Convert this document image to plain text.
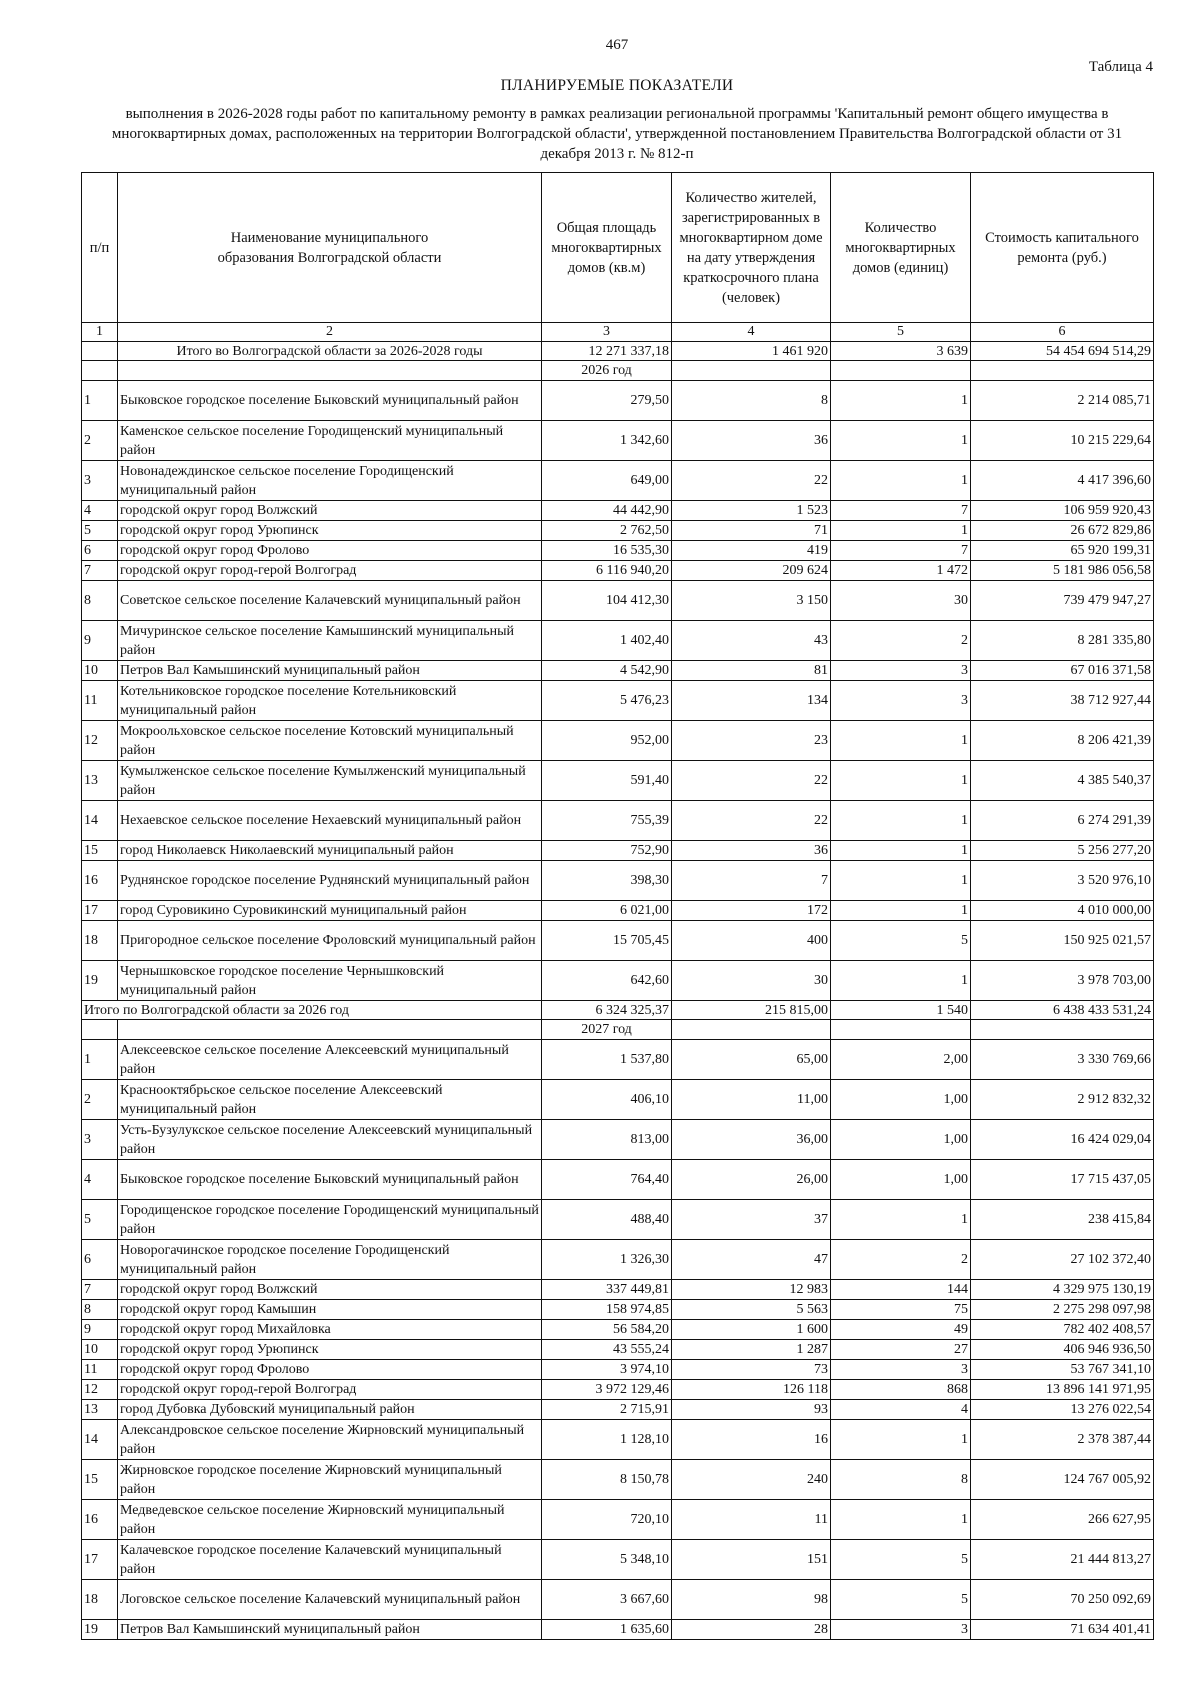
467
Таблица 4
ПЛАНИРУЕМЫЕ ПОКАЗАТЕЛИ
выполнения в 2026-2028 годы работ по капитальному ремонту в рамках реализации региональной программы 'Капитальный ремонт общего имущества в многоквартирных домах, расположенных на территории Волгоградской области', утвержденной постановлением Правительства Волгоградской области от 31 декабря 2013 г. № 812-п
п/п	Наименование муниципального образования Волгоградской области	Общая площадь многоквартирных домов (кв.м)	Количество жителей, зарегистрированных в многоквартирном доме на дату утверждения краткосрочного плана (человек)	Количество многоквартирных домов (единиц)	Стоимость капитального ремонта (руб.)
1	2	3	4	5	6
	Итого во Волгоградской области за 2026-2028 годы	12 271 337,18	1 461 920	3 639	54 454 694 514,29
		2026 год			
1	Быковское городское поселение Быковский муниципальный район	279,50	8	1	2 214 085,71
2	Каменское сельское поселение Городищенский муниципальный район	1 342,60	36	1	10 215 229,64
3	Новонадеждинское сельское поселение Городищенский муниципальный район	649,00	22	1	4 417 396,60
4	городской округ город Волжский	44 442,90	1 523	7	106 959 920,43
5	городской округ город Урюпинск	2 762,50	71	1	26 672 829,86
6	городской округ город Фролово	16 535,30	419	7	65 920 199,31
7	городской округ город-герой Волгоград	6 116 940,20	209 624	1 472	5 181 986 056,58
8	Советское сельское поселение Калачевский муниципальный район	104 412,30	3 150	30	739 479 947,27
9	Мичуринское сельское поселение Камышинский муниципальный район	1 402,40	43	2	8 281 335,80
10	Петров Вал Камышинский муниципальный район	4 542,90	81	3	67 016 371,58
11	Котельниковское городское поселение Котельниковский муниципальный район	5 476,23	134	3	38 712 927,44
12	Мокроольховское сельское поселение Котовский муниципальный район	952,00	23	1	8 206 421,39
13	Кумылженское сельское поселение Кумылженский муниципальный район	591,40	22	1	4 385 540,37
14	Нехаевское сельское поселение Нехаевский муниципальный район	755,39	22	1	6 274 291,39
15	город Николаевск Николаевский муниципальный район	752,90	36	1	5 256 277,20
16	Руднянское городское поселение Руднянский муниципальный район	398,30	7	1	3 520 976,10
17	город Суровикино Суровикинский муниципальный район	6 021,00	172	1	4 010 000,00
18	Пригородное сельское поселение Фроловский муниципальный район	15 705,45	400	5	150 925 021,57
19	Чернышковское городское поселение Чернышковский муниципальный район	642,60	30	1	3 978 703,00
Итого по Волгоградской области за 2026 год		6 324 325,37	215 815,00	1 540	6 438 433 531,24
		2027 год			
1	Алексеевское сельское поселение Алексеевский муниципальный район	1 537,80	65,00	2,00	3 330 769,66
2	Краснооктябрьское сельское поселение Алексеевский муниципальный район	406,10	11,00	1,00	2 912 832,32
3	Усть-Бузулукское сельское поселение Алексеевский муниципальный район	813,00	36,00	1,00	16 424 029,04
4	Быковское городское поселение Быковский муниципальный район	764,40	26,00	1,00	17 715 437,05
5	Городищенское городское поселение Городищенский муниципальный район	488,40	37	1	238 415,84
6	Новорогачинское городское поселение Городищенский муниципальный район	1 326,30	47	2	27 102 372,40
7	городской округ город Волжский	337 449,81	12 983	144	4 329 975 130,19
8	городской округ город Камышин	158 974,85	5 563	75	2 275 298 097,98
9	городской округ город Михайловка	56 584,20	1 600	49	782 402 408,57
10	городской округ город Урюпинск	43 555,24	1 287	27	406 946 936,50
11	городской округ город Фролово	3 974,10	73	3	53 767 341,10
12	городской округ город-герой Волгоград	3 972 129,46	126 118	868	13 896 141 971,95
13	город Дубовка Дубовский муниципальный район	2 715,91	93	4	13 276 022,54
14	Александровское сельское поселение Жирновский муниципальный район	1 128,10	16	1	2 378 387,44
15	Жирновское городское поселение Жирновский муниципальный район	8 150,78	240	8	124 767 005,92
16	Медведевское сельское поселение Жирновский муниципальный район	720,10	11	1	266 627,95
17	Калачевское городское поселение Калачевский муниципальный район	5 348,10	151	5	21 444 813,27
18	Логовское сельское поселение Калачевский муниципальный район	3 667,60	98	5	70 250 092,69
19	Петров Вал Камышинский муниципальный район	1 635,60	28	3	71 634 401,41
